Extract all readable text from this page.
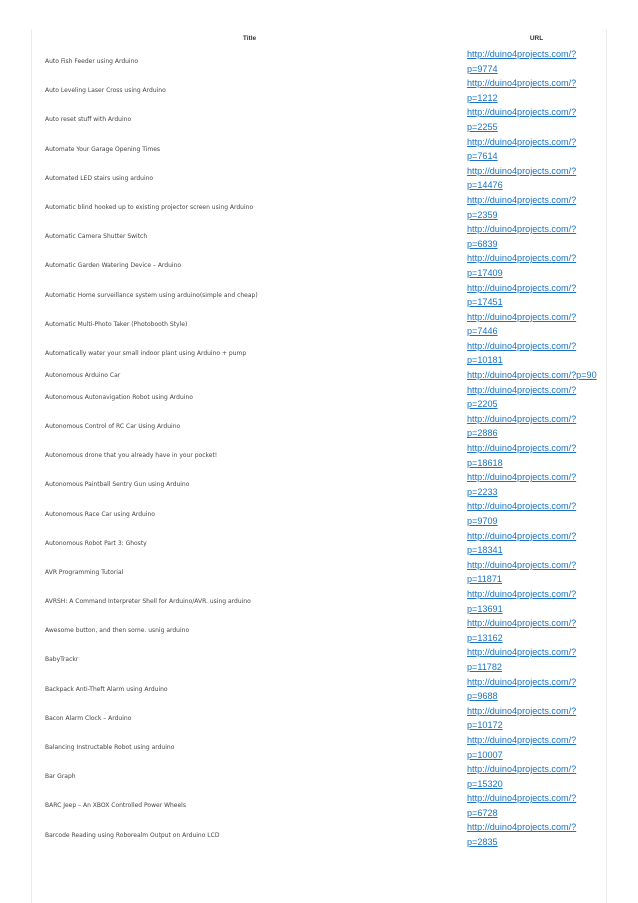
Title	URL
Auto Fish Feeder using Arduino	http://duino4projects.com/?
p=9774
Auto Leveling Laser Cross using Arduino	http://duino4projects.com/?
p=1212
Auto reset stuff with Arduino	http://duino4projects.com/?
p=2255
Automate Your Garage Opening Times	http://duino4projects.com/?
p=7614
Automated LED stairs using arduino	http://duino4projects.com/?
p=14476
Automatic blind hooked up to existing projector screen using Arduino	http://duino4projects.com/?
p=2359
Automatic Camera Shutter Switch	http://duino4projects.com/?
p=6839
Automatic Garden Watering Device – Arduino	http://duino4projects.com/?
p=17409
Automatic Home surveillance system using arduino(simple and cheap)	http://duino4projects.com/?
p=17451
Automatic Multi-Photo Taker (Photobooth Style)	http://duino4projects.com/?
p=7446
Automatically water your small indoor plant using Arduino + pump	http://duino4projects.com/?
p=10181
Autonomous Arduino Car	http://duino4projects.com/?p=90
Autonomous Autonavigation Robot using Arduino	http://duino4projects.com/?
p=2205
Autonomous Control of RC Car Using Arduino	http://duino4projects.com/?
p=2886
Autonomous drone that you already have in your pocket!	http://duino4projects.com/?
p=18618
Autonomous Paintball Sentry Gun using Arduino	http://duino4projects.com/?
p=2233
Autonomous Race Car using Arduino	http://duino4projects.com/?
p=9709
Autonomous Robot Part 3: Ghosty	http://duino4projects.com/?
p=18341
AVR Programming Tutorial	http://duino4projects.com/?
p=11871
AVRSH: A Command Interpreter Shell for Arduino/AVR. using arduino	http://duino4projects.com/?
p=13691
Awesome button, and then some. usnig arduino	http://duino4projects.com/?
p=13162
BabyTrackr	http://duino4projects.com/?
p=11782
Backpack Anti-Theft Alarm using Arduino	http://duino4projects.com/?
p=9688
Bacon Alarm Clock – Arduino	http://duino4projects.com/?
p=10172
Balancing Instructable Robot using arduino	http://duino4projects.com/?
p=10007
Bar Graph	http://duino4projects.com/?
p=15320
BARC Jeep – An XBOX Controlled Power Wheels	http://duino4projects.com/?
p=6728
Barcode Reading using Roborealm Output on Arduino LCD	http://duino4projects.com/?
p=2835
